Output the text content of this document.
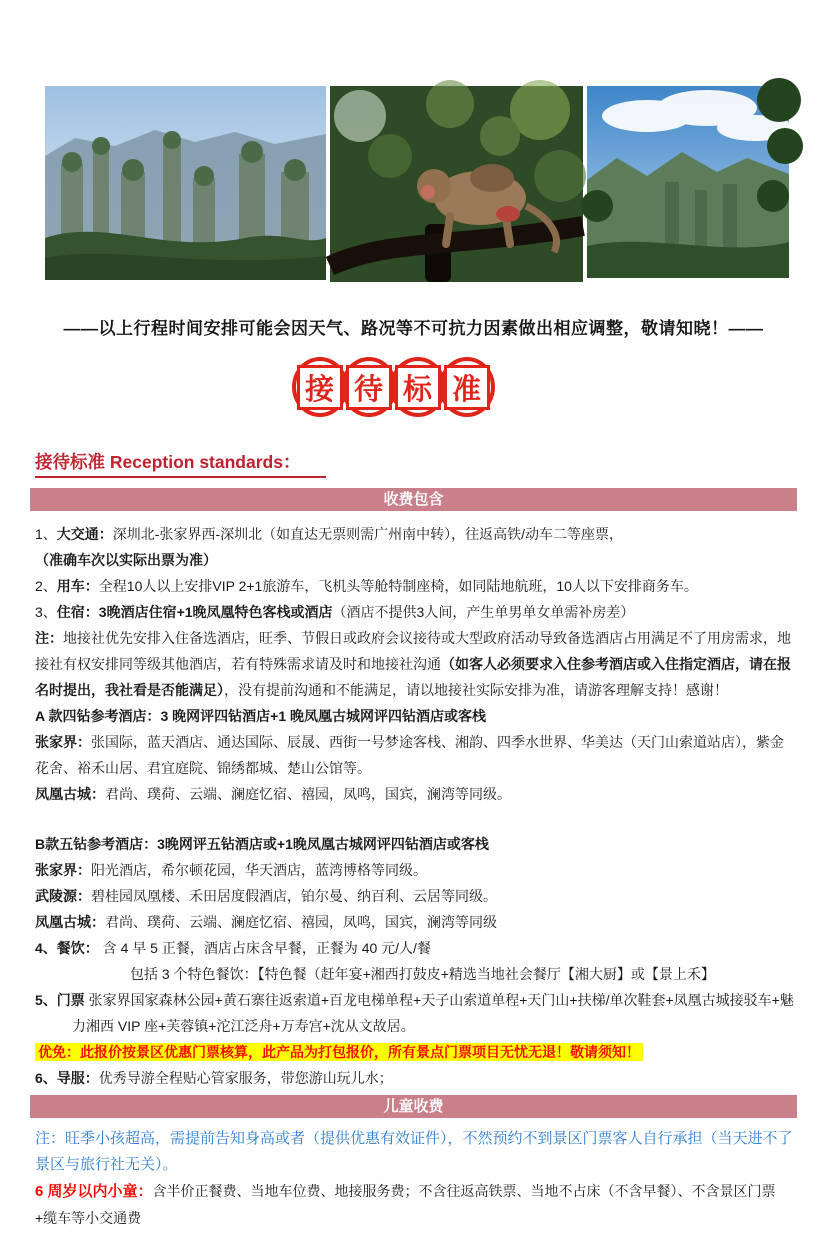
——以上行程时间安排可能会因天气、路况等不可抗力因素做出相应调整，敬请知晓！——
接 待 标 准
接待标准 Reception standards：
收费包含

1、大交通：深圳北-张家界西-深圳北（如直达无票则需广州南中转），往返高铁/动车二等座票，（准确车次以实际出票为准）

2、用车：全程10人以上安排VIP 2+1旅游车，飞机头等舱特制座椅，如同陆地航班，10人以下安排商务车。

3、住宿：3晚酒店住宿+1晚凤凰特色客栈或酒店（酒店不提供3人间，产生单男单女单需补房差）

注：地接社优先安排入住备选酒店，旺季、节假日或政府会议接待或大型政府活动导致备选酒店占用满足不了用房需求，地接社有权安排同等级其他酒店，若有特殊需求请及时和地接社沟通（如客人必须要求入住参考酒店或入住指定酒店，请在报名时提出，我社看是否能满足），没有提前沟通和不能满足，请以地接社实际安排为准，请游客理解支持！感谢！

A 款四钻参考酒店：3 晚网评四钻酒店+1 晚凤凰古城网评四钻酒店或客栈

张家界：张国际，蓝天酒店、通达国际、辰晟、西街一号梦途客栈、湘韵、四季水世界、华美达（天门山索道站店），紫金花舍、裕禾山居、君宜庭院、锦绣都城、楚山公馆等。

凤凰古城：君尚、璞荷、云端、澜庭忆宿、禧园，凤鸣，国宾，澜湾等同级。

B款五钻参考酒店：3晚网评五钻酒店或+1晚凤凰古城网评四钻酒店或客栈

张家界：阳光酒店，希尔顿花园，华天酒店，蓝湾博格等同级。

武陵源：碧桂园凤凰楼、禾田居度假酒店，铂尔曼、纳百利、云居等同级。

凤凰古城：君尚、璞荷、云端、澜庭忆宿、禧园，凤鸣，国宾，澜湾等同级

4、餐饮： 含 4 早 5 正餐，酒店占床含早餐，正餐为 40 元/人/餐

包括 3 个特色餐饮：【特色餐（赶年宴+湘西打鼓皮+精选当地社会餐厅【湘大厨】或【景上禾】

5、门票 张家界国家森林公园+黄石寨往返索道+百龙电梯单程+天子山索道单程+天门山+扶梯/单次鞋套+凤凰古城接驳车+魅力湘西 VIP 座+芙蓉镇+沱江泛舟+万寿宫+沈从文故居。

优免：此报价按景区优惠门票核算，此产品为打包报价，所有景点门票项目无忧无退！敬请须知！

6、导服：优秀导游全程贴心管家服务，带您游山玩儿水；

儿童收费

注：旺季小孩超高，需提前告知身高或者（提供优惠有效证件），不然预约不到景区门票客人自行承担（当天进不了景区与旅行社无关）。

6 周岁以内小童：含半价正餐费、当地车位费、地接服务费；不含往返高铁票、当地不占床（不含早餐）、不含景区门票+缆车等小交通费
